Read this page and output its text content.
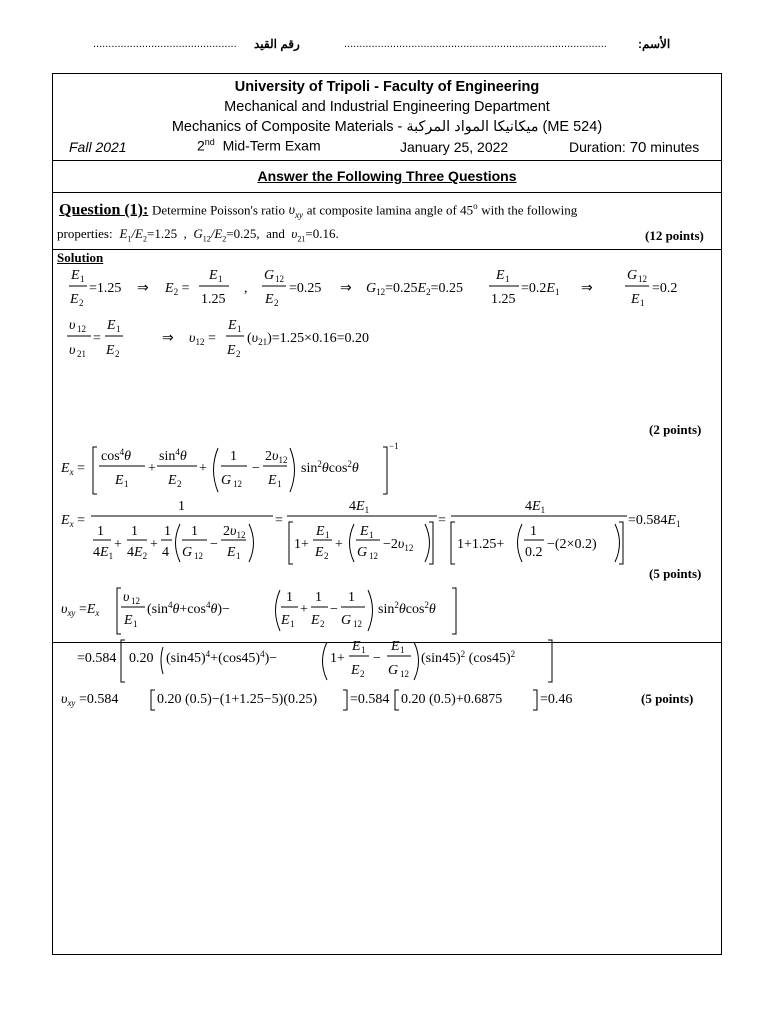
الأسم:
......................................................................................
رقم القيد
...............................................
University of Tripoli - Faculty of Engineering
Mechanical and Industrial Engineering Department
Mechanics of Composite Materials - ميكانيكا المواد المركبة (ME 524)
Fall 2021	2nd Mid-Term Exam	January 25, 2022	Duration: 70 minutes
Answer the Following Three Questions
Question (1): Determine Poisson's ratio $\upsilon_{xy}$ at composite lamina angle of 45$^o$ with the following
properties:  $E_1/E_2=1.25$  ,  $G_{12}/E_2=0.25$,  and  $\upsilon_{21}=0.16$.	(12 points)
Solution
E 1
E 2
=1.25 ⇒ $E_2$ =
E 1
1.25
,
G 12
E 2
=0.25 ⇒ $G_{12}=0.25E_2=0.25$
E 1
1.25
$=0.2E_1$ ⇒
G 12
E 1
=0.2
υ 12
υ 21
=
E 1
E 2
⇒ $\upsilon_{12}$ =
E 1
E 2
$(\upsilon_{21})=1.25\times 0.16=0.20$
(2 points)
$E_x$ =
$\cos^4\theta$
E 1
+
$\sin^4\theta$
E 2
+
1
G 12
−
$2\upsilon_{12}$
E 1
$\sin^2\theta\cos^2\theta$
−1
$E_x$ =
1
1
$4E_1$
+
1
$4E_2$
+
1
4
1
G 12
−
$2\upsilon_{12}$
E 1
=
$4E_1$
1+
E 1
E 2
+
E 1
G 12
$-2\upsilon_{12}$
=
$4E_1$
1+1.25+
1
0.2
−(2×0.2)
$=0.584E_1$
(5 points)
$\upsilon_{xy} =E_x$
υ 12
E 1
$(\sin^4\theta+\cos^4\theta)-$
1
E 1
+
1
E 2
−
1
G 12
$\sin^2\theta\cos^2\theta$
=0.584 0.20 $(\sin 45)^4+(\cos 45)^4)-$	1+
E 1
E 2
−
E 1
G 12
$(\sin 45)^2$ $(\cos 45)^2$
$\upsilon_{xy} =0.584$	0.20 (0.5)−(1+1.25−5)(0.25) =0.584 0.20 (0.5)+0.6875	=0.46	(5 points)
